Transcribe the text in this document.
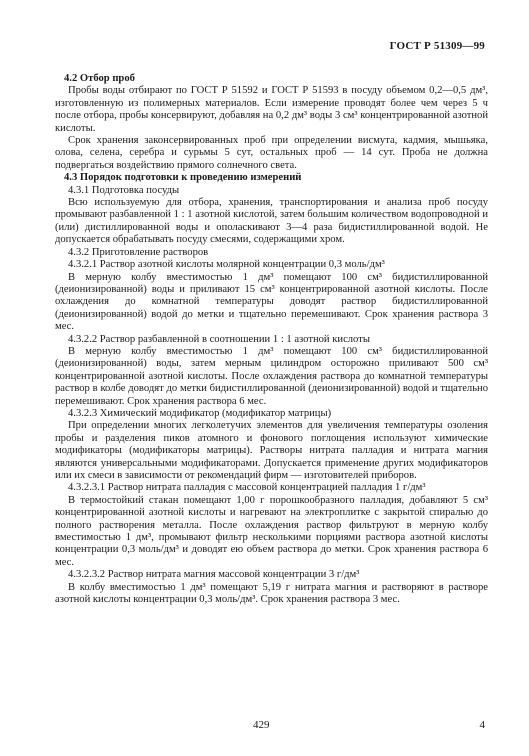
ГОСТ Р 51309—99

4.2 Отбор проб

Пробы воды отбирают по ГОСТ Р 51592 и ГОСТ Р 51593 в посуду объемом 0,2—0,5 дм³, изготовленную из полимерных материалов. Если измерение проводят более чем через 5 ч после отбора, пробы консервируют, добавляя на 0,2 дм³ воды 3 см³ концентрированной азотной кислоты.

Срок хранения законсервированных проб при определении висмута, кадмия, мышьяка, олова, селена, серебра и сурьмы 5 сут, остальных проб — 14 сут. Проба не должна подвергаться воздействию прямого солнечного света.

4.3 Порядок подготовки к проведению измерений

4.3.1 Подготовка посуды

Всю используемую для отбора, хранения, транспортирования и анализа проб посуду промывают разбавленной 1 : 1 азотной кислотой, затем большим количеством водопроводной и (или) дистиллированной воды и ополаскивают 3—4 раза бидистиллированной водой. Не допускается обрабатывать посуду смесями, содержащими хром.

4.3.2 Приготовление растворов

4.3.2.1 Раствор азотной кислоты молярной концентрации 0,3 моль/дм³

В мерную колбу вместимостью 1 дм³ помещают 100 см³ бидистиллированной (деионизированной) воды и приливают 15 см³ концентрированной азотной кислоты. После охлаждения до комнатной температуры доводят раствор бидистиллированной (деионизированной) водой до метки и тщательно перемешивают. Срок хранения раствора 3 мес.

4.3.2.2 Раствор разбавленной в соотношении 1 : 1 азотной кислоты

В мерную колбу вместимостью 1 дм³ помещают 100 см³ бидистиллированной (деионизированной) воды, затем мерным цилиндром осторожно приливают 500 см³ концентрированной азотной кислоты. После охлаждения раствора до комнатной температуры раствор в колбе доводят до метки бидистиллированной (деионизированной) водой и тщательно перемешивают. Срок хранения раствора 6 мес.

4.3.2.3 Химический модификатор (модификатор матрицы)

При определении многих легколетучих элементов для увеличения температуры озоления пробы и разделения пиков атомного и фонового поглощения используют химические модификаторы (модификаторы матрицы). Растворы нитрата палладия и нитрата магния являются универсальными модификаторами. Допускается применение других модификаторов или их смеси в зависимости от рекомендаций фирм — изготовителей приборов.

4.3.2.3.1 Раствор нитрата палладия с массовой концентрацией палладия 1 г/дм³

В термостойкий стакан помещают 1,00 г порошкообразного палладия, добавляют 5 см³ концентрированной азотной кислоты и нагревают на электроплитке с закрытой спиралью до полного растворения металла. После охлаждения раствор фильтруют в мерную колбу вместимостью 1 дм³, промывают фильтр несколькими порциями раствора азотной кислоты концентрации 0,3 моль/дм³ и доводят ею объем раствора до метки. Срок хранения раствора 6 мес.

4.3.2.3.2 Раствор нитрата магния массовой концентрации 3 г/дм³

В колбу вместимостью 1 дм³ помещают 5,19 г нитрата магния и растворяют в растворе азотной кислоты концентрации 0,3 моль/дм³. Срок хранения раствора 3 мес.

429	4
